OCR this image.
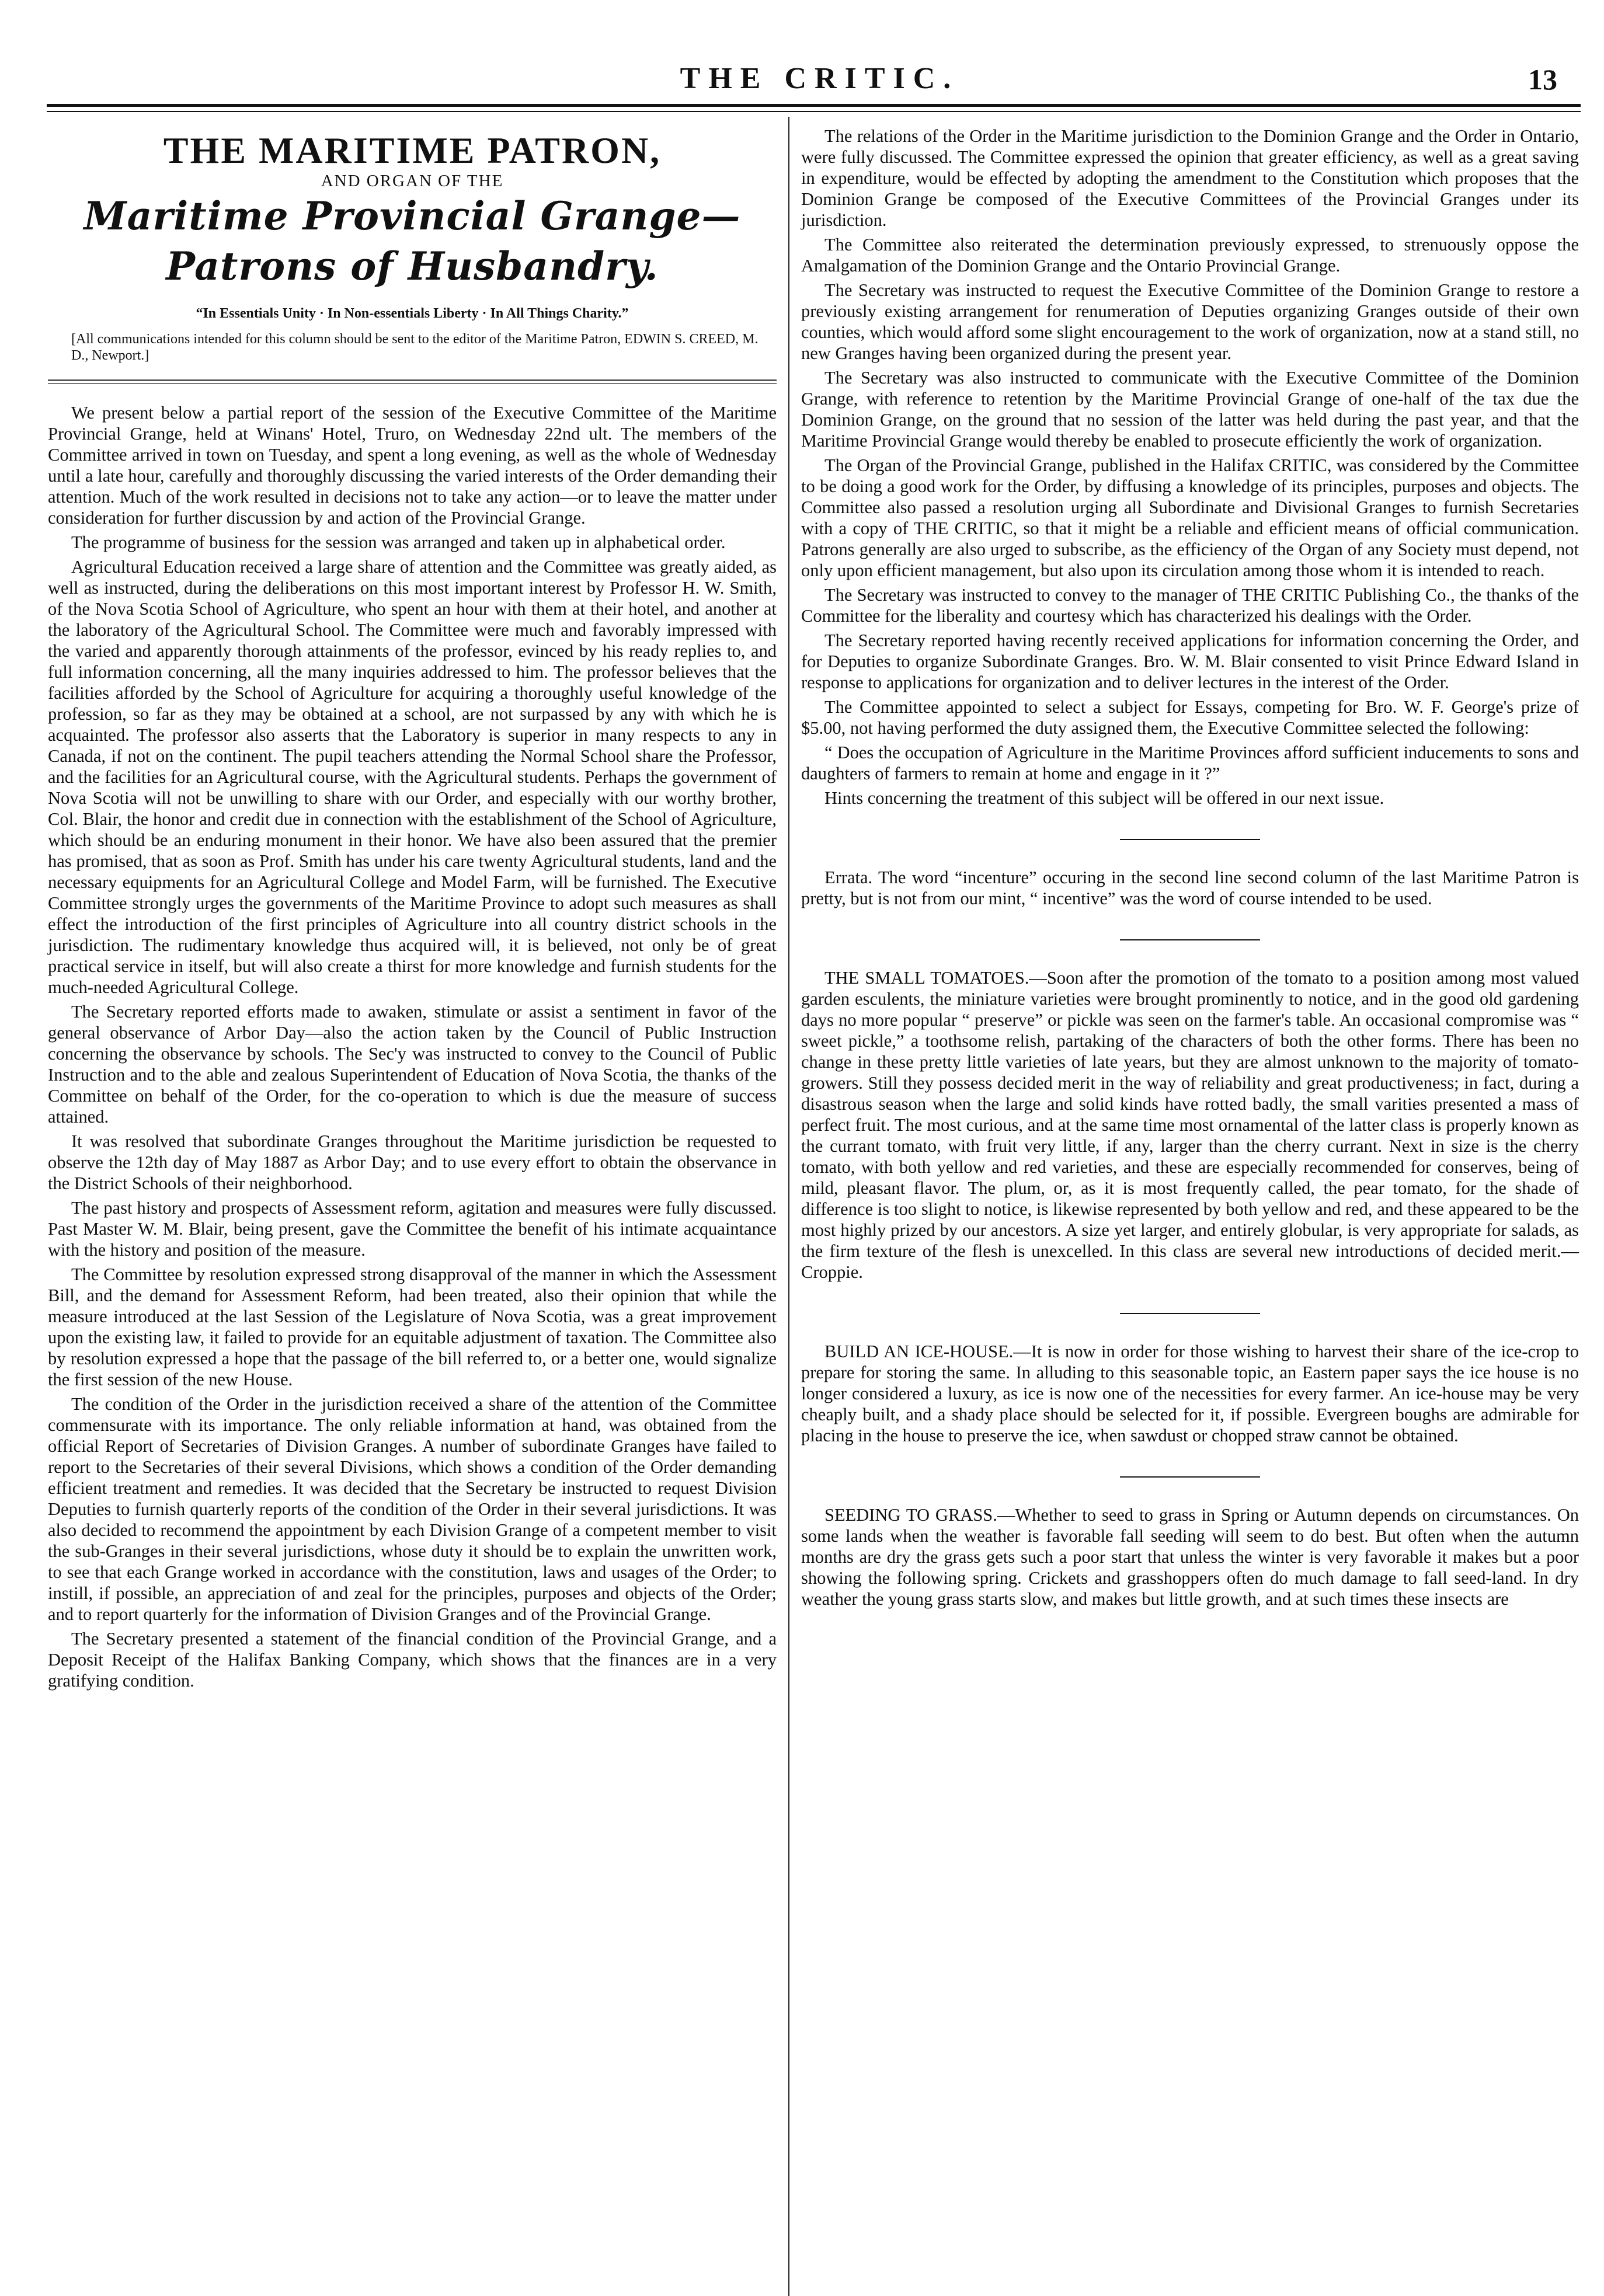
THE CRITIC.	13
THE MARITIME PATRON,
AND ORGAN OF THE
Maritime Provincial Grange—Patrons of Husbandry.
“In Essentials Unity · In Non-essentials Liberty · In All Things Charity.”
[All communications intended for this column should be sent to the editor of the Maritime Patron, EDWIN S. CREED, M. D., Newport.]

We present below a partial report of the session of the Executive Committee of the Maritime Provincial Grange, held at Winans' Hotel, Truro, on Wednesday 22nd ult. The members of the Committee arrived in town on Tuesday, and spent a long evening, as well as the whole of Wednesday until a late hour, carefully and thoroughly discussing the varied interests of the Order demanding their attention. Much of the work resulted in decisions not to take any action—or to leave the matter under consideration for further discussion by and action of the Provincial Grange.

The programme of business for the session was arranged and taken up in alphabetical order.

Agricultural Education received a large share of attention and the Committee was greatly aided, as well as instructed, during the deliberations on this most important interest by Professor H. W. Smith, of the Nova Scotia School of Agriculture, who spent an hour with them at their hotel, and another at the laboratory of the Agricultural School. The Committee were much and favorably impressed with the varied and apparently thorough attainments of the professor, evinced by his ready replies to, and full information concerning, all the many inquiries addressed to him. The professor believes that the facilities afforded by the School of Agriculture for acquiring a thoroughly useful knowledge of the profession, so far as they may be obtained at a school, are not surpassed by any with which he is acquainted. The professor also asserts that the Laboratory is superior in many respects to any in Canada, if not on the continent. The pupil teachers attending the Normal School share the Professor, and the facilities for an Agricultural course, with the Agricultural students. Perhaps the government of Nova Scotia will not be unwilling to share with our Order, and especially with our worthy brother, Col. Blair, the honor and credit due in connection with the establishment of the School of Agriculture, which should be an enduring monument in their honor. We have also been assured that the premier has promised, that as soon as Prof. Smith has under his care twenty Agricultural students, land and the necessary equipments for an Agricultural College and Model Farm, will be furnished. The Executive Committee strongly urges the governments of the Maritime Province to adopt such measures as shall effect the introduction of the first principles of Agriculture into all country district schools in the jurisdiction. The rudimentary knowledge thus acquired will, it is believed, not only be of great practical service in itself, but will also create a thirst for more knowledge and furnish students for the much-needed Agricultural College.

The Secretary reported efforts made to awaken, stimulate or assist a sentiment in favor of the general observance of Arbor Day—also the action taken by the Council of Public Instruction concerning the observance by schools. The Sec'y was instructed to convey to the Council of Public Instruction and to the able and zealous Superintendent of Education of Nova Scotia, the thanks of the Committee on behalf of the Order, for the co-operation to which is due the measure of success attained.

It was resolved that subordinate Granges throughout the Maritime jurisdiction be requested to observe the 12th day of May 1887 as Arbor Day; and to use every effort to obtain the observance in the District Schools of their neighborhood.

The past history and prospects of Assessment reform, agitation and measures were fully discussed. Past Master W. M. Blair, being present, gave the Committee the benefit of his intimate acquaintance with the history and position of the measure.

The Committee by resolution expressed strong disapproval of the manner in which the Assessment Bill, and the demand for Assessment Reform, had been treated, also their opinion that while the measure introduced at the last Session of the Legislature of Nova Scotia, was a great improvement upon the existing law, it failed to provide for an equitable adjustment of taxation. The Committee also by resolution expressed a hope that the passage of the bill referred to, or a better one, would signalize the first session of the new House.

The condition of the Order in the jurisdiction received a share of the attention of the Committee commensurate with its importance. The only reliable information at hand, was obtained from the official Report of Secretaries of Division Granges. A number of subordinate Granges have failed to report to the Secretaries of their several Divisions, which shows a condition of the Order demanding efficient treatment and remedies. It was decided that the Secretary be instructed to request Division Deputies to furnish quarterly reports of the condition of the Order in their several jurisdictions. It was also decided to recommend the appointment by each Division Grange of a competent member to visit the sub-Granges in their several jurisdictions, whose duty it should be to explain the unwritten work, to see that each Grange worked in accordance with the constitution, laws and usages of the Order; to instill, if possible, an appreciation of and zeal for the principles, purposes and objects of the Order; and to report quarterly for the information of Division Granges and of the Provincial Grange.

The Secretary presented a statement of the financial condition of the Provincial Grange, and a Deposit Receipt of the Halifax Banking Company, which shows that the finances are in a very gratifying condition.

The relations of the Order in the Maritime jurisdiction to the Dominion Grange and the Order in Ontario, were fully discussed. The Committee expressed the opinion that greater efficiency, as well as a great saving in expenditure, would be effected by adopting the amendment to the Constitution which proposes that the Dominion Grange be composed of the Executive Committees of the Provincial Granges under its jurisdiction.

The Committee also reiterated the determination previously expressed, to strenuously oppose the Amalgamation of the Dominion Grange and the Ontario Provincial Grange.

The Secretary was instructed to request the Executive Committee of the Dominion Grange to restore a previously existing arrangement for renumeration of Deputies organizing Granges outside of their own counties, which would afford some slight encouragement to the work of organization, now at a stand still, no new Granges having been organized during the present year.

The Secretary was also instructed to communicate with the Executive Committee of the Dominion Grange, with reference to retention by the Maritime Provincial Grange of one-half of the tax due the Dominion Grange, on the ground that no session of the latter was held during the past year, and that the Maritime Provincial Grange would thereby be enabled to prosecute efficiently the work of organization.

The Organ of the Provincial Grange, published in the Halifax CRITIC, was considered by the Committee to be doing a good work for the Order, by diffusing a knowledge of its principles, purposes and objects. The Committee also passed a resolution urging all Subordinate and Divisional Granges to furnish Secretaries with a copy of THE CRITIC, so that it might be a reliable and efficient means of official communication. Patrons generally are also urged to subscribe, as the efficiency of the Organ of any Society must depend, not only upon efficient management, but also upon its circulation among those whom it is intended to reach.

The Secretary was instructed to convey to the manager of THE CRITIC Publishing Co., the thanks of the Committee for the liberality and courtesy which has characterized his dealings with the Order.

The Secretary reported having recently received applications for information concerning the Order, and for Deputies to organize Subordinate Granges. Bro. W. M. Blair consented to visit Prince Edward Island in response to applications for organization and to deliver lectures in the interest of the Order.

The Committee appointed to select a subject for Essays, competing for Bro. W. F. George's prize of $5.00, not having performed the duty assigned them, the Executive Committee selected the following:

“ Does the occupation of Agriculture in the Maritime Provinces afford sufficient inducements to sons and daughters of farmers to remain at home and engage in it ?”

Hints concerning the treatment of this subject will be offered in our next issue.

Errata. The word “incenture” occuring in the second line second column of the last Maritime Patron is pretty, but is not from our mint, “ incentive” was the word of course intended to be used.

THE SMALL TOMATOES.—Soon after the promotion of the tomato to a position among most valued garden esculents, the miniature varieties were brought prominently to notice, and in the good old gardening days no more popular “ preserve” or pickle was seen on the farmer's table. An occasional compromise was “ sweet pickle,” a toothsome relish, partaking of the characters of both the other forms. There has been no change in these pretty little varieties of late years, but they are almost unknown to the majority of tomato-growers. Still they possess decided merit in the way of reliability and great productiveness; in fact, during a disastrous season when the large and solid kinds have rotted badly, the small varities presented a mass of perfect fruit. The most curious, and at the same time most ornamental of the latter class is properly known as the currant tomato, with fruit very little, if any, larger than the cherry currant. Next in size is the cherry tomato, with both yellow and red varieties, and these are especially recommended for conserves, being of mild, pleasant flavor. The plum, or, as it is most frequently called, the pear tomato, for the shade of difference is too slight to notice, is likewise represented by both yellow and red, and these appeared to be the most highly prized by our ancestors. A size yet larger, and entirely globular, is very appropriate for salads, as the firm texture of the flesh is unexcelled. In this class are several new introductions of decided merit.—Croppie.

BUILD AN ICE-HOUSE.—It is now in order for those wishing to harvest their share of the ice-crop to prepare for storing the same. In alluding to this seasonable topic, an Eastern paper says the ice house is no longer considered a luxury, as ice is now one of the necessities for every farmer. An ice-house may be very cheaply built, and a shady place should be selected for it, if possible. Evergreen boughs are admirable for placing in the house to preserve the ice, when sawdust or chopped straw cannot be obtained.

SEEDING TO GRASS.—Whether to seed to grass in Spring or Autumn depends on circumstances. On some lands when the weather is favorable fall seeding will seem to do best. But often when the autumn months are dry the grass gets such a poor start that unless the winter is very favorable it makes but a poor showing the following spring. Crickets and grasshoppers often do much damage to fall seed-land. In dry weather the young grass starts slow, and makes but little growth, and at such times these insects are
